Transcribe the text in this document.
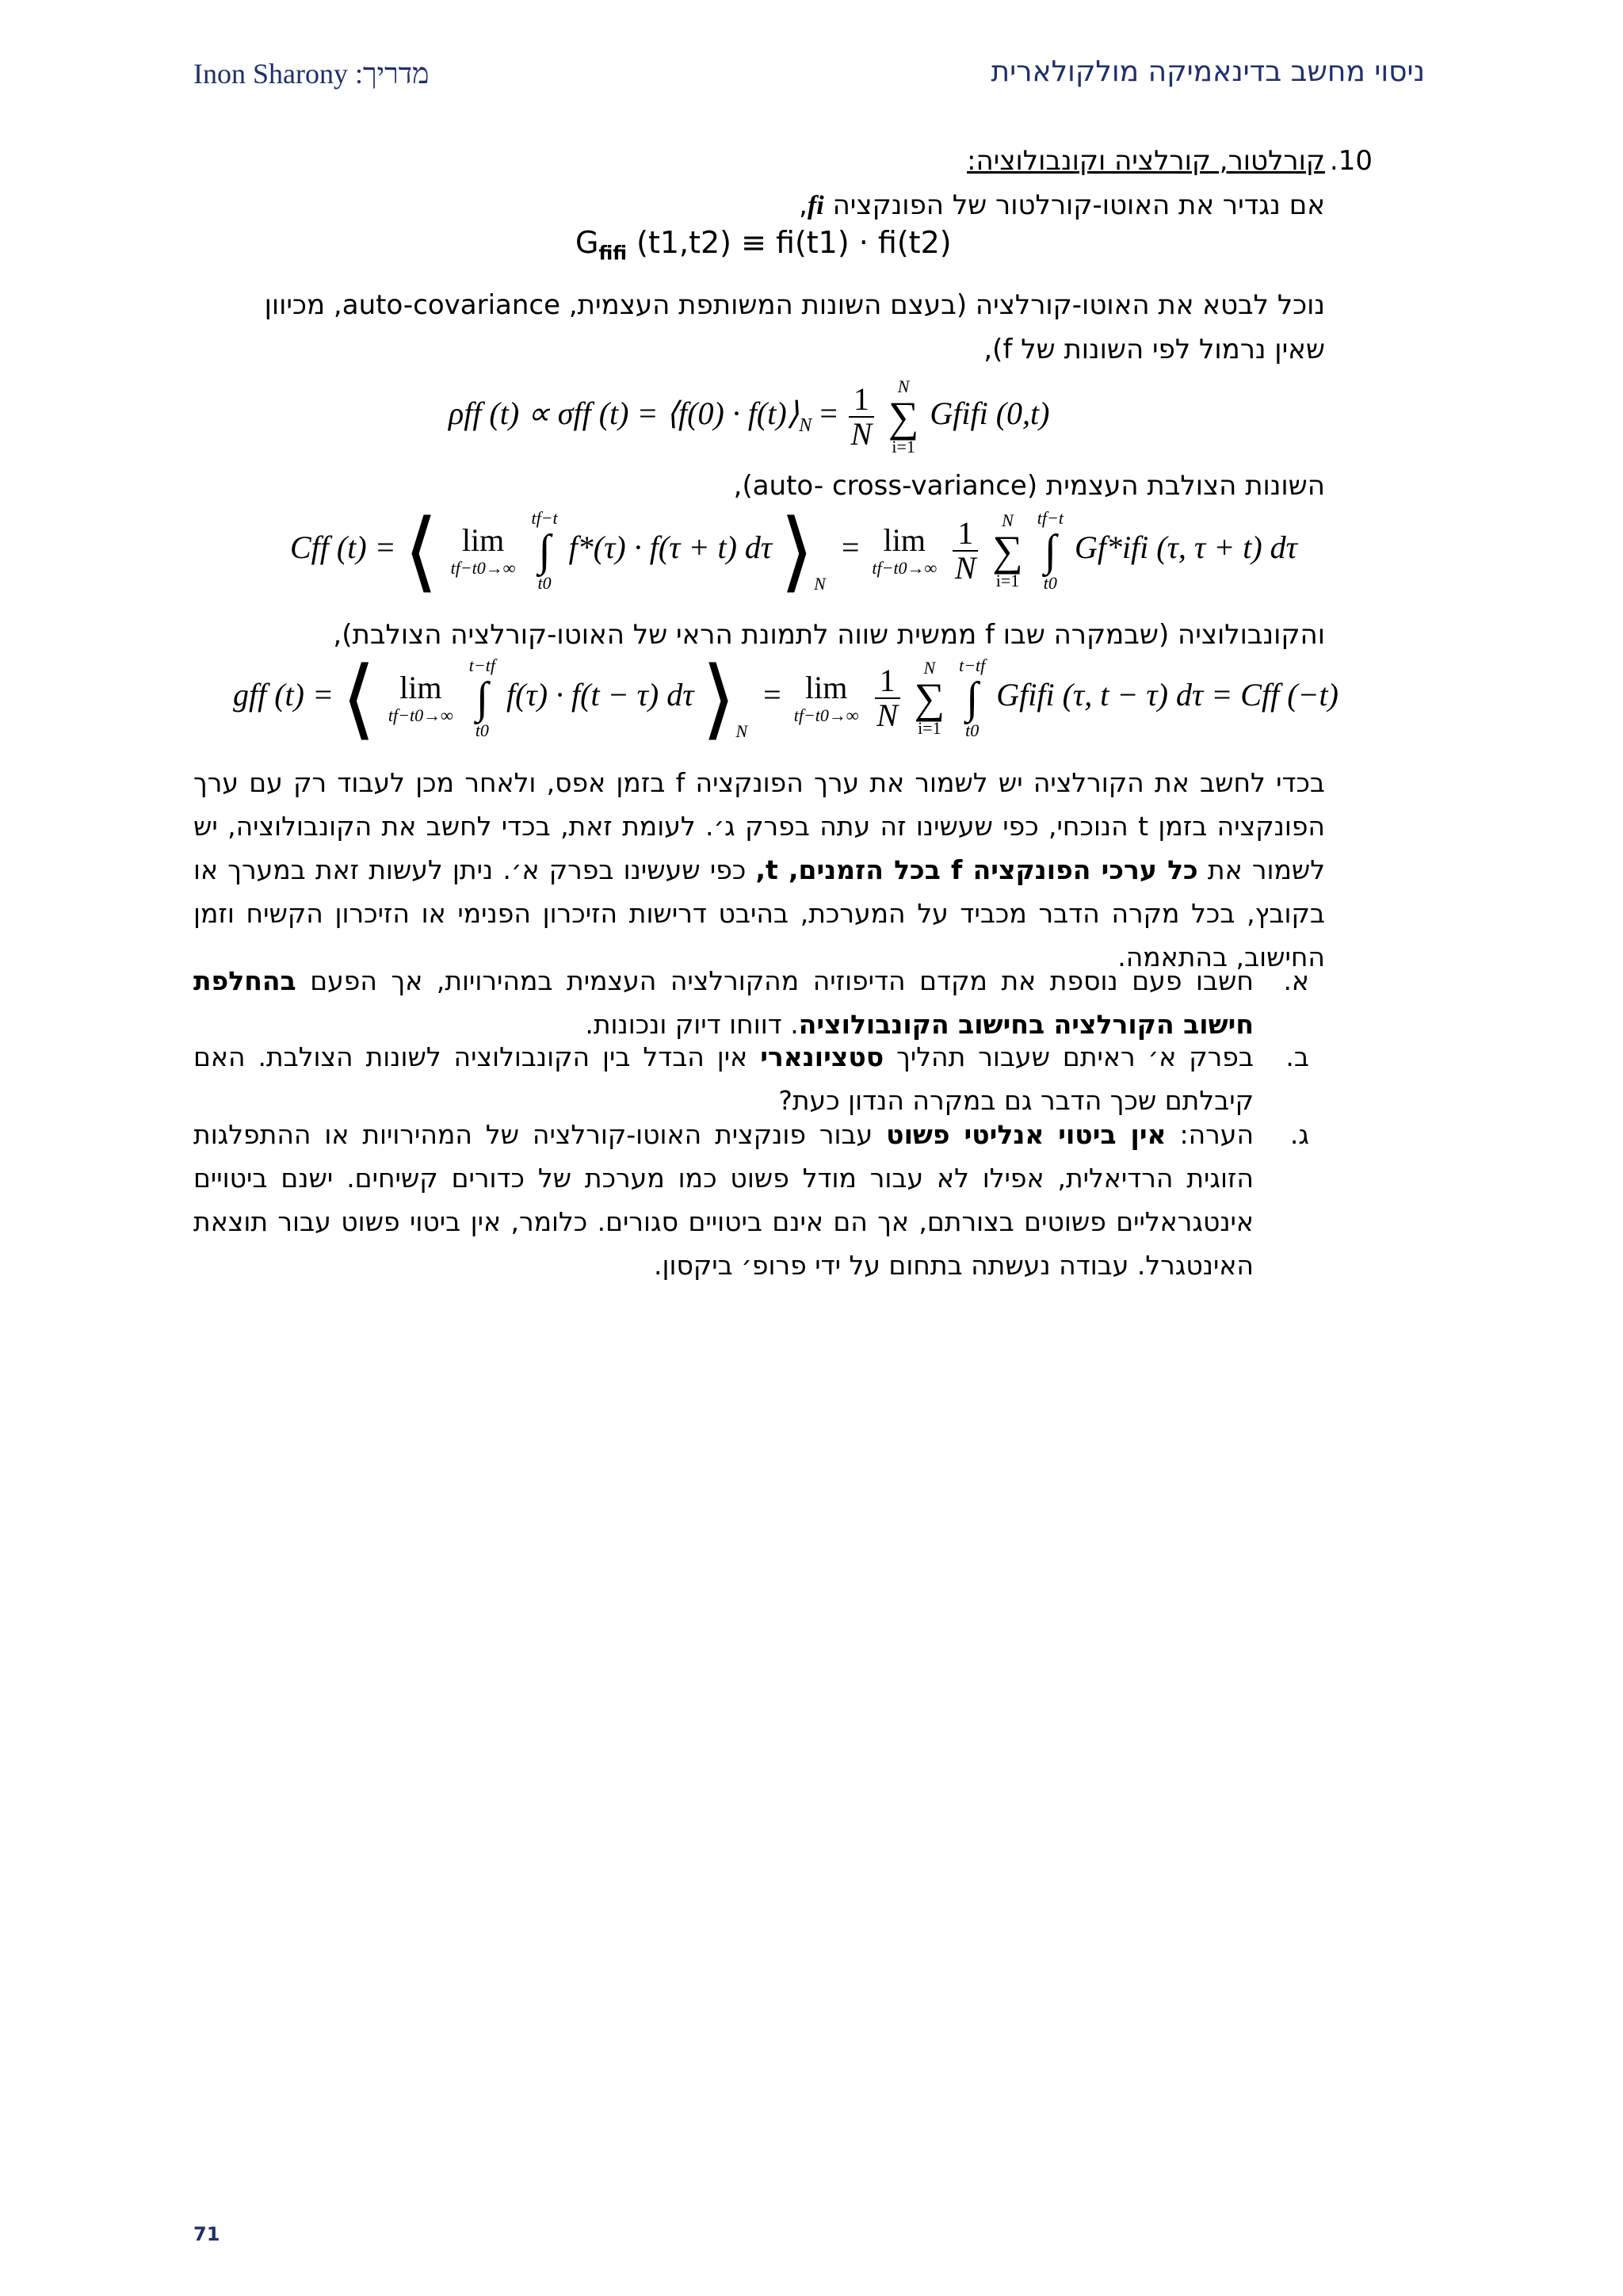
Inon Sharony :מדריך	ניסוי מחשב בדינאמיקה מולקולארית
10.
קורלטור, קורלציה וקונבולוציה:
אם נגדיר את האוטו-קורלטור של הפונקציה fi,
$G_{fifi}$ (t1,t2) ≡ fi(t1) · fi(t2)
נוכל לבטא את האוטו-קורלציה (בעצם השונות המשותפת העצמית, auto-covariance, מכיוון
שאין נרמול לפי השונות של f),
ρff (t) ∝ σff (t) = ⟨f(0) · $f(t)⟩_N = \frac{1}{N}$
	N
∑
i=1
Gfifi (0,t)
השונות הצולבת העצמית (auto- cross-variance),
Cff (t) = ⟨ lim
tf−t0→∞

tf−t
∫
t0
f*(τ) · f(τ + t) dτ $⟩_N = \lim$
tf−t0→∞
$\frac{1}{N}$
	N
∑
i=1

tf−t
∫
t0
Gf*ifi (τ, τ + t) dτ
והקונבולוציה (שבמקרה שבו f ממשית שווה לתמונת הראי של האוטו-קורלציה הצולבת),
gff (t) = ⟨ lim
tf−t0→∞

t−tf
∫
t0
f(τ) · f(t − τ) dτ $⟩_N = \lim$
tf−t0→∞
$\frac{1}{N}$
	N
∑
i=1

t−tf
∫
t0
Gfifi (τ, t − τ) dτ = Cff (−t)
בכדי לחשב את הקורלציה יש לשמור את ערך הפונקציה f בזמן אפס, ולאחר מכן לעבוד רק עם ערך הפונקציה בזמן t הנוכחי, כפי שעשינו זה עתה בפרק ג׳. לעומת זאת, בכדי לחשב את הקונבולוציה, יש לשמור את כל ערכי הפונקציה f בכל הזמנים, t, כפי שעשינו בפרק א׳. ניתן לעשות זאת במערך או בקובץ, בכל מקרה הדבר מכביד על המערכת, בהיבט דרישות הזיכרון הפנימי או הזיכרון הקשיח וזמן החישוב, בהתאמה.
א.
חשבו פעם נוספת את מקדם הדיפוזיה מהקורלציה העצמית במהירויות, אך הפעם בהחלפת חישוב הקורלציה בחישוב הקונבולוציה. דווחו דיוק ונכונות.
ב.
בפרק א׳ ראיתם שעבור תהליך סטציונארי אין הבדל בין הקונבולוציה לשונות הצולבת. האם קיבלתם שכך הדבר גם במקרה הנדון כעת?
ג.
הערה: אין ביטוי אנליטי פשוט עבור פונקצית האוטו-קורלציה של המהירויות או ההתפלגות הזוגית הרדיאלית, אפילו לא עבור מודל פשוט כמו מערכת של כדורים קשיחים. ישנם ביטויים אינטגראליים פשוטים בצורתם, אך הם אינם ביטויים סגורים. כלומר, אין ביטוי פשוט עבור תוצאת האינטגרל. עבודה נעשתה בתחום על ידי פרופ׳ ביקסון.
71
